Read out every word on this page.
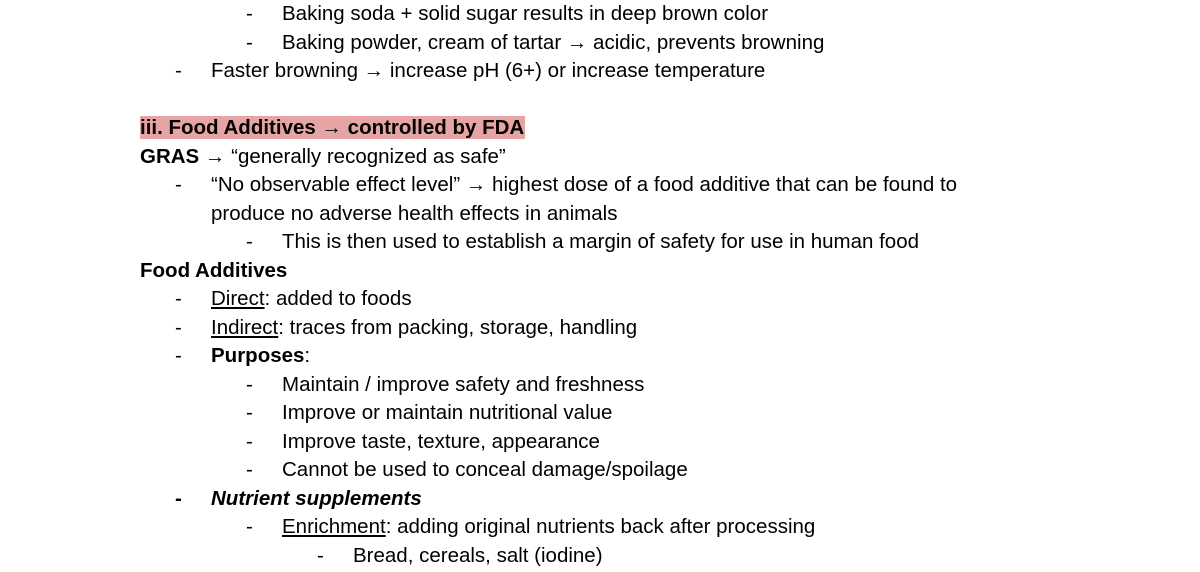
- Baking soda + solid sugar results in deep brown color
- Baking powder, cream of tartar → acidic, prevents browning
- Faster browning → increase pH (6+) or increase temperature
iii. Food Additives → controlled by FDA
GRAS → “generally recognized as safe”
- “No observable effect level” → highest dose of a food additive that can be found to
produce no adverse health effects in animals
- This is then used to establish a margin of safety for use in human food
Food Additives
- Direct: added to foods
- Indirect: traces from packing, storage, handling
- Purposes:
- Maintain / improve safety and freshness
- Improve or maintain nutritional value
- Improve taste, texture, appearance
- Cannot be used to conceal damage/spoilage
- Nutrient supplements
- Enrichment: adding original nutrients back after processing
- Bread, cereals, salt (iodine)
